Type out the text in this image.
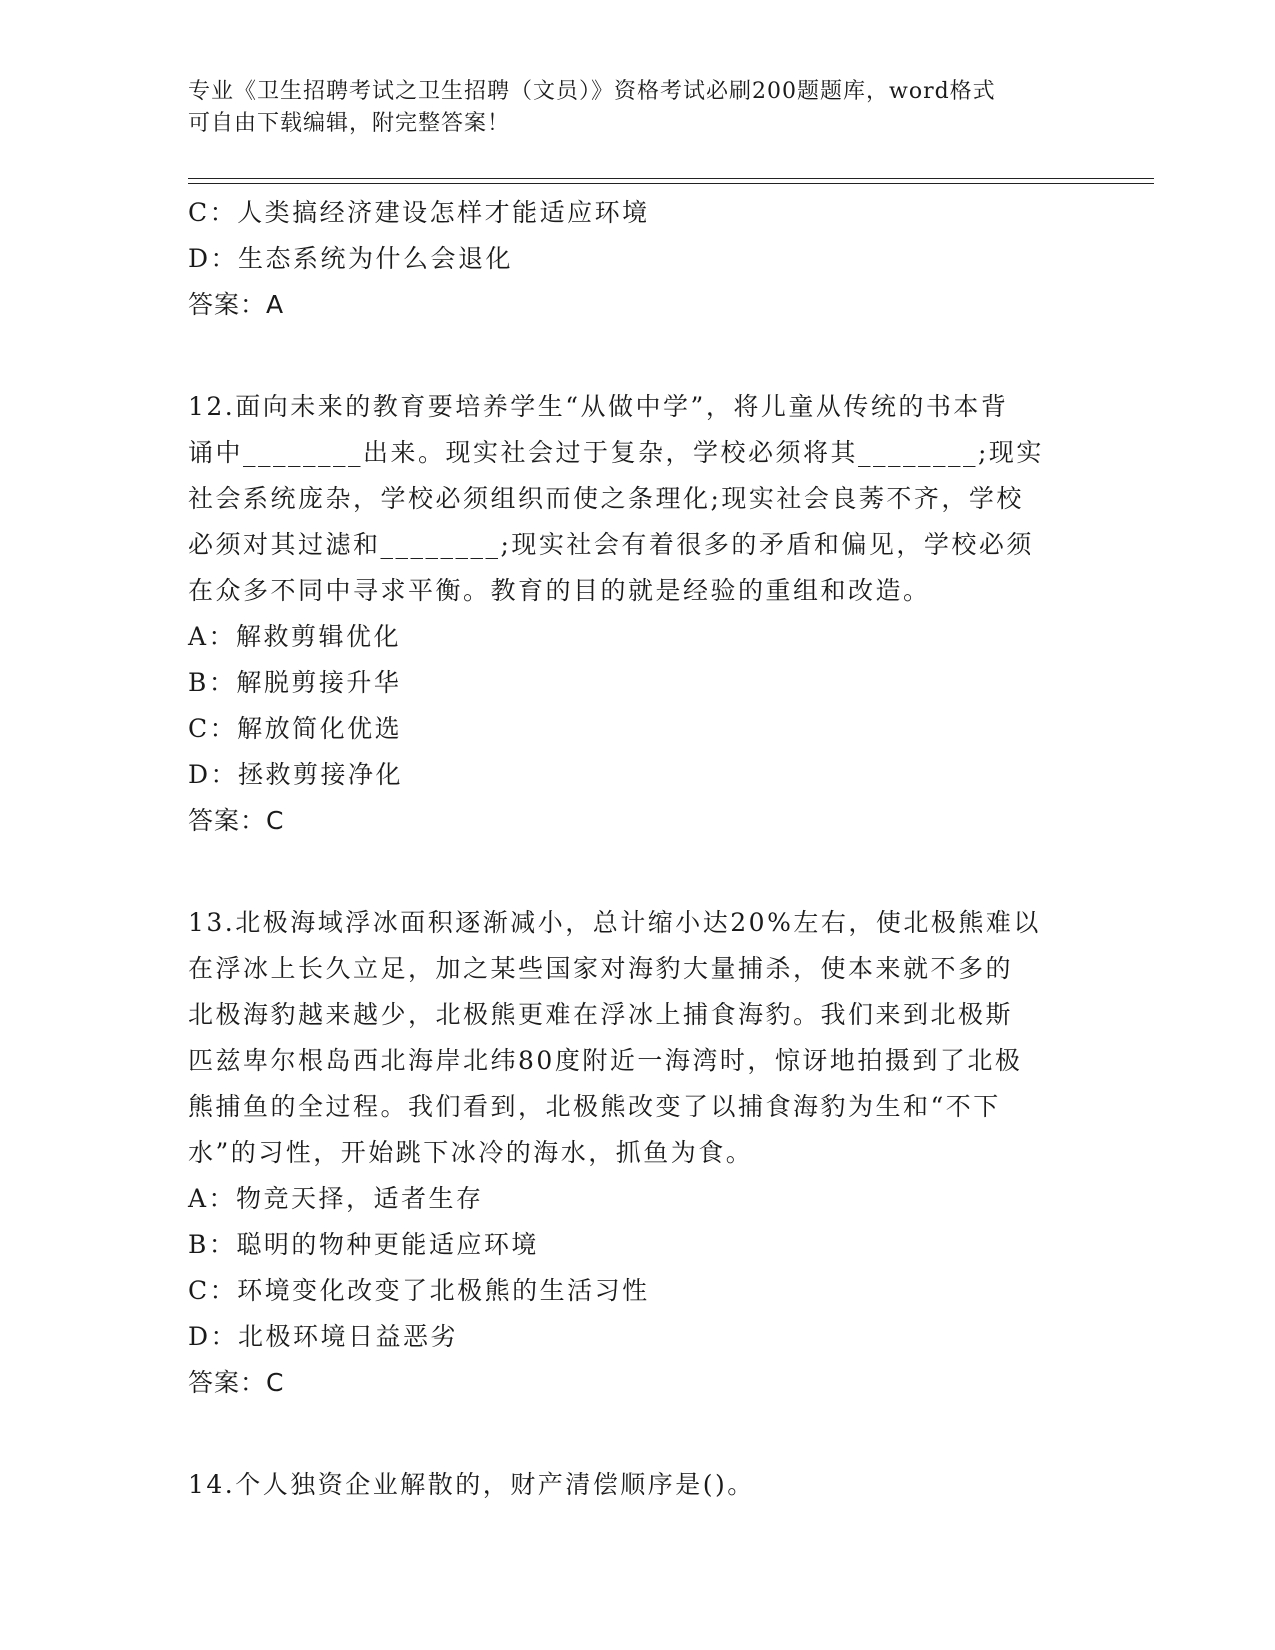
专业《卫生招聘考试之卫生招聘（文员）》资格考试必刷200题题库，word格式
可自由下载编辑，附完整答案！
C：人类搞经济建设怎样才能适应环境
D：生态系统为什么会退化
答案：A
12.面向未来的教育要培养学生“从做中学”，将儿童从传统的书本背
诵中________出来。现实社会过于复杂，学校必须将其________;现实
社会系统庞杂，学校必须组织而使之条理化;现实社会良莠不齐，学校
必须对其过滤和________;现实社会有着很多的矛盾和偏见，学校必须
在众多不同中寻求平衡。教育的目的就是经验的重组和改造。
A：解救剪辑优化
B：解脱剪接升华
C：解放简化优选
D：拯救剪接净化
答案：C
13.北极海域浮冰面积逐渐减小，总计缩小达20%左右，使北极熊难以
在浮冰上长久立足，加之某些国家对海豹大量捕杀，使本来就不多的
北极海豹越来越少，北极熊更难在浮冰上捕食海豹。我们来到北极斯
匹兹卑尔根岛西北海岸北纬80度附近一海湾时，惊讶地拍摄到了北极
熊捕鱼的全过程。我们看到，北极熊改变了以捕食海豹为生和“不下
水”的习性，开始跳下冰冷的海水，抓鱼为食。
A：物竞天择，适者生存
B：聪明的物种更能适应环境
C：环境变化改变了北极熊的生活习性
D：北极环境日益恶劣
答案：C
14.个人独资企业解散的，财产清偿顺序是()。
